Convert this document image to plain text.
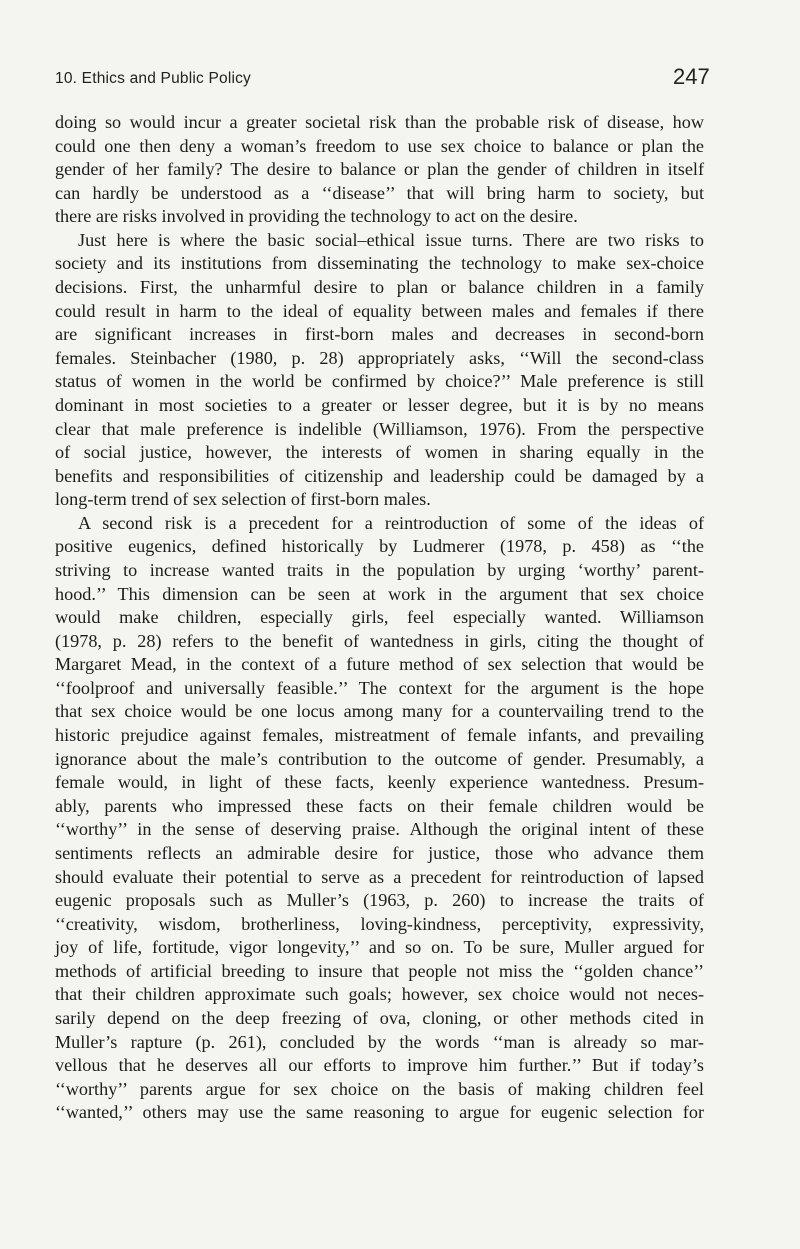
10. Ethics and Public Policy	247
doing so would incur a greater societal risk than the probable risk of disease, how
could one then deny a woman’s freedom to use sex choice to balance or plan the
gender of her family? The desire to balance or plan the gender of children in itself
can hardly be understood as a ‘‘disease’’ that will bring harm to society, but
there are risks involved in providing the technology to act on the desire.
Just here is where the basic social–ethical issue turns. There are two risks to
society and its institutions from disseminating the technology to make sex-choice
decisions. First, the unharmful desire to plan or balance children in a family
could result in harm to the ideal of equality between males and females if there
are significant increases in first-born males and decreases in second-born
females. Steinbacher (1980, p. 28) appropriately asks, ‘‘Will the second-class
status of women in the world be confirmed by choice?’’ Male preference is still
dominant in most societies to a greater or lesser degree, but it is by no means
clear that male preference is indelible (Williamson, 1976). From the perspective
of social justice, however, the interests of women in sharing equally in the
benefits and responsibilities of citizenship and leadership could be damaged by a
long-term trend of sex selection of first-born males.
A second risk is a precedent for a reintroduction of some of the ideas of
positive eugenics, defined historically by Ludmerer (1978, p. 458) as ‘‘the
striving to increase wanted traits in the population by urging ‘worthy’ parent-
hood.’’ This dimension can be seen at work in the argument that sex choice
would make children, especially girls, feel especially wanted. Williamson
(1978, p. 28) refers to the benefit of wantedness in girls, citing the thought of
Margaret Mead, in the context of a future method of sex selection that would be
‘‘foolproof and universally feasible.’’ The context for the argument is the hope
that sex choice would be one locus among many for a countervailing trend to the
historic prejudice against females, mistreatment of female infants, and prevailing
ignorance about the male’s contribution to the outcome of gender. Presumably, a
female would, in light of these facts, keenly experience wantedness. Presum-
ably, parents who impressed these facts on their female children would be
‘‘worthy’’ in the sense of deserving praise. Although the original intent of these
sentiments reflects an admirable desire for justice, those who advance them
should evaluate their potential to serve as a precedent for reintroduction of lapsed
eugenic proposals such as Muller’s (1963, p. 260) to increase the traits of
‘‘creativity, wisdom, brotherliness, loving-kindness, perceptivity, expressivity,
joy of life, fortitude, vigor longevity,’’ and so on. To be sure, Muller argued for
methods of artificial breeding to insure that people not miss the ‘‘golden chance’’
that their children approximate such goals; however, sex choice would not neces-
sarily depend on the deep freezing of ova, cloning, or other methods cited in
Muller’s rapture (p. 261), concluded by the words ‘‘man is already so mar-
vellous that he deserves all our efforts to improve him further.’’ But if today’s
‘‘worthy’’ parents argue for sex choice on the basis of making children feel
‘‘wanted,’’ others may use the same reasoning to argue for eugenic selection for
